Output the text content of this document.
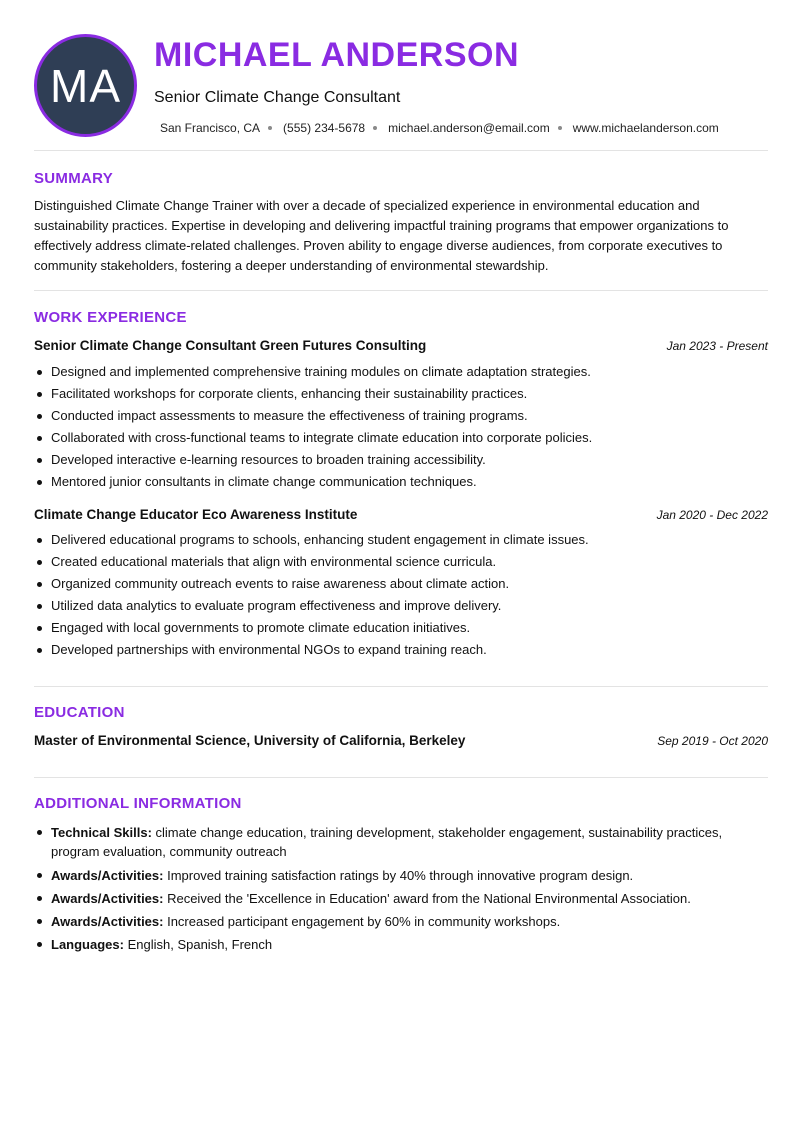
MA
MICHAEL ANDERSON
Senior Climate Change Consultant
San Francisco, CA (555) 234-5678 michael.anderson@email.com www.michaelanderson.com
SUMMARY

Distinguished Climate Change Trainer with over a decade of specialized experience in environmental education and sustainability practices. Expertise in developing and delivering impactful training programs that empower organizations to effectively address climate-related challenges. Proven ability to engage diverse audiences, from corporate executives to community stakeholders, fostering a deeper understanding of environmental stewardship.

WORK EXPERIENCE
Senior Climate Change Consultant Green Futures Consulting	Jan 2023 - Present
Designed and implemented comprehensive training modules on climate adaptation strategies.
Facilitated workshops for corporate clients, enhancing their sustainability practices.
Conducted impact assessments to measure the effectiveness of training programs.
Collaborated with cross-functional teams to integrate climate education into corporate policies.
Developed interactive e-learning resources to broaden training accessibility.
Mentored junior consultants in climate change communication techniques.
Climate Change Educator Eco Awareness Institute	Jan 2020 - Dec 2022
Delivered educational programs to schools, enhancing student engagement in climate issues.
Created educational materials that align with environmental science curricula.
Organized community outreach events to raise awareness about climate action.
Utilized data analytics to evaluate program effectiveness and improve delivery.
Engaged with local governments to promote climate education initiatives.
Developed partnerships with environmental NGOs to expand training reach.
EDUCATION
Master of Environmental Science, University of California, Berkeley	Sep 2019 - Oct 2020
ADDITIONAL INFORMATION
Technical Skills: climate change education, training development, stakeholder engagement, sustainability practices, program evaluation, community outreach
Awards/Activities: Improved training satisfaction ratings by 40% through innovative program design.
Awards/Activities: Received the 'Excellence in Education' award from the National Environmental Association.
Awards/Activities: Increased participant engagement by 60% in community workshops.
Languages: English, Spanish, French
